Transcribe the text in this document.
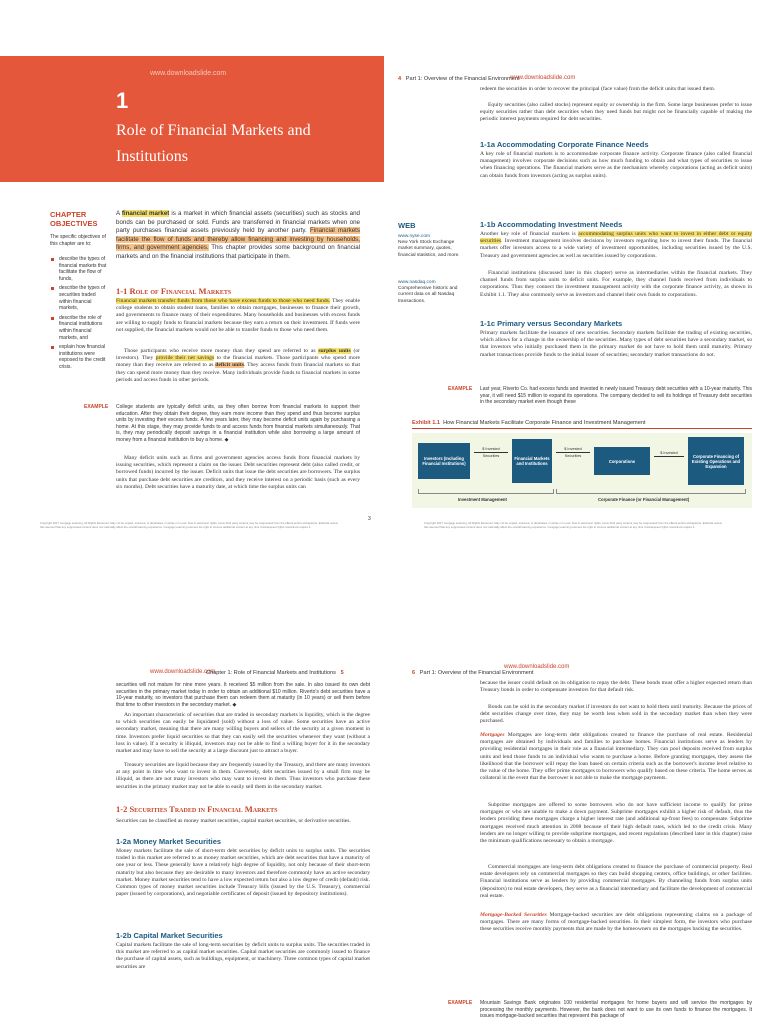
www.downloadslide.com
1
Role of Financial Markets and Institutions
CHAPTER OBJECTIVES
The specific objectives of this chapter are to:
describe the types of financial markets that facilitate the flow of funds,
describe the types of securities traded within financial markets,
describe the role of financial institutions within financial markets, and
explain how financial institutions were exposed to the credit crisis.

A financial market is a market in which financial assets (securities) such as stocks and bonds can be purchased or sold. Funds are transferred in financial markets when one party purchases financial assets previously held by another party. Financial markets facilitate the flow of funds and thereby allow financing and investing by households, firms, and government agencies. This chapter provides some background on financial markets and on the financial institutions that participate in them.

1-1 Role of Financial Markets

Financial markets transfer funds from those who have excess funds to those who need funds. They enable college students to obtain student loans, families to obtain mortgages, businesses to finance their growth, and governments to finance many of their expenditures. Many households and businesses with excess funds are willing to supply funds to financial markets because they earn a return on their investment. If funds were not supplied, the financial markets would not be able to transfer funds to those who need them.

Those participants who receive more money than they spend are referred to as surplus units (or investors). They provide their net savings to the financial markets. Those participants who spend more money than they receive are referred to as deficit units. They access funds from financial markets so that they can spend more money than they receive. Many individuals provide funds to financial markets in some periods and access funds in other periods.

EXAMPLE College students are typically deficit units, as they often borrow from financial markets to support their education. After they obtain their degree, they earn more income than they spend and thus become surplus units by investing their excess funds. A few years later, they may become deficit units again by purchasing a home. At this stage, they may provide funds to and access funds from financial markets simultaneously. That is, they may periodically deposit savings in a financial institution while also borrowing a large amount of money from a financial institution to buy a home. ◆

Many deficit units such as firms and government agencies access funds from financial markets by issuing securities, which represent a claim on the issuer. Debt securities represent debt (also called credit, or borrowed funds) incurred by the issuer. Deficit units that issue the debt securities are borrowers. The surplus units that purchase debt securities are creditors, and they receive interest on a periodic basis (such as every six months). Debt securities have a maturity date, at which time the surplus units can

Copyright 2017 Cengage Learning. All Rights Reserved. May not be copied, scanned, or duplicated, in whole or in part. Due to electronic rights, some third party content may be suppressed from the eBook and/or eChapter(s). Editorial review has deemed that any suppressed content does not materially affect the overall learning experience. Cengage Learning reserves the right to remove additional content at any time if subsequent rights restrictions require it.
3
4 Part 1: Overview of the Financial Environment
www.downloadslide.com

redeem the securities in order to recover the principal (face value) from the deficit units that issued them.

Equity securities (also called stocks) represent equity or ownership in the firm. Some large businesses prefer to issue equity securities rather than debt securities when they need funds but might not be financially capable of making the periodic interest payments required for debt securities.

1-1a Accommodating Corporate Finance Needs

A key role of financial markets is to accommodate corporate finance activity. Corporate finance (also called financial management) involves corporate decisions such as how much funding to obtain and what types of securities to issue when financing operations. The financial markets serve as the mechanism whereby corporations (acting as deficit units) can obtain funds from investors (acting as surplus units).

WEB

www.nyse.com
New York Stock Exchange market summary, quotes, financial statistics, and more.

www.nasdaq.com
Comprehensive historic and current data on all Nasdaq transactions.

1-1b Accommodating Investment Needs

Another key role of financial markets is accommodating surplus units who want to invest in either debt or equity securities. Investment management involves decisions by investors regarding how to invest their funds. The financial markets offer investors access to a wide variety of investment opportunities, including securities issued by the U.S. Treasury and government agencies as well as securities issued by corporations.

Financial institutions (discussed later in this chapter) serve as intermediaries within the financial markets. They channel funds from surplus units to deficit units. For example, they channel funds received from individuals to corporations. Thus they connect the investment management activity with the corporate finance activity, as shown in Exhibit 1.1. They also commonly serve as investors and channel their own funds to corporations.

1-1c Primary versus Secondary Markets

Primary markets facilitate the issuance of new securities. Secondary markets facilitate the trading of existing securities, which allows for a change in the ownership of the securities. Many types of debt securities have a secondary market, so that investors who initially purchased them in the primary market do not have to hold them until maturity. Primary market transactions provide funds to the initial issuer of securities; secondary market transactions do not.

EXAMPLE Last year, Riverto Co. had excess funds and invested in newly issued Treasury debt securities with a 10-year maturity. This year, it will need $15 million to expand its operations. The company decided to sell its holdings of Treasury debt securities in the secondary market even though these

Exhibit 1.1 How Financial Markets Facilitate Corporate Finance and Investment Management
Investors (Including Financial Institutions)
$ Invested
Securities	Financial Markets and Institutions
$ Invested
Securities
Corporations
$ Invested
Corporate Financing of Existing Operations and Expansion
Investment Management	Corporate Finance (or Financial Management)
Copyright 2017 Cengage Learning. All Rights Reserved. May not be copied, scanned, or duplicated, in whole or in part. Due to electronic rights, some third party content may be suppressed from the eBook and/or eChapter(s). Editorial review has deemed that any suppressed content does not materially affect the overall learning experience. Cengage Learning reserves the right to remove additional content at any time if subsequent rights restrictions require it.
www.downloadslide.com
Chapter 1: Role of Financial Markets and Institutions 5

securities will not mature for nine more years. It received $5 million from the sale. In also issued its own debt securities in the primary market today in order to obtain an additional $10 million. Riverto's debt securities have a 10-year maturity, so investors that purchase them can redeem them at maturity (in 10 years) or sell them before that time to other investors in the secondary market. ◆

An important characteristic of securities that are traded in secondary markets is liquidity, which is the degree to which securities can easily be liquidated (sold) without a loss of value. Some securities have an active secondary market, meaning that there are many willing buyers and sellers of the security at a given moment in time. Investors prefer liquid securities so that they can easily sell the securities whenever they want (without a loss in value). If a security is illiquid, investors may not be able to find a willing buyer for it in the secondary market and may have to sell the security at a large discount just to attract a buyer.

Treasury securities are liquid because they are frequently issued by the Treasury, and there are many investors at any point in time who want to invest in them. Conversely, debt securities issued by a small firm may be illiquid, as there are not many investors who may want to invest in them. Thus investors who purchase these securities in the primary market may not be able to easily sell them in the secondary market.

1-2 Securities Traded in Financial Markets

Securities can be classified as money market securities, capital market securities, or derivative securities.

1-2a Money Market Securities

Money markets facilitate the sale of short-term debt securities by deficit units to surplus units. The securities traded in this market are referred to as money market securities, which are debt securities that have a maturity of one year or less. These generally have a relatively high degree of liquidity, not only because of their short-term maturity but also because they are desirable to many investors and therefore commonly have an active secondary market. Money market securities tend to have a low expected return but also a low degree of credit (default) risk. Common types of money market securities include Treasury bills (issued by the U.S. Treasury), commercial paper (issued by corporations), and negotiable certificates of deposit (issued by depository institutions).

1-2b Capital Market Securities

Capital markets facilitate the sale of long-term securities by deficit units to surplus units. The securities traded in this market are referred to as capital market securities. Capital market securities are commonly issued to finance the purchase of capital assets, such as buildings, equipment, or machinery. Three common types of capital market securities are

6 Part 1: Overview of the Financial Environment
www.downloadslide.com

because the issuer could default on its obligation to repay the debt. These bonds must offer a higher expected return than Treasury bonds in order to compensate investors for that default risk.

Bonds can be sold in the secondary market if investors do not want to hold them until maturity. Because the prices of debt securities change over time, they may be worth less when sold in the secondary market than when they were purchased.

Mortgages Mortgages are long-term debt obligations created to finance the purchase of real estate. Residential mortgages are obtained by individuals and families to purchase homes. Financial institutions serve as lenders by providing residential mortgages in their role as a financial intermediary. They can pool deposits received from surplus units and lend those funds to an individual who wants to purchase a home. Before granting mortgages, they assess the likelihood that the borrower will repay the loan based on certain criteria such as the borrower's income level relative to the value of the home. They offer prime mortgages to borrowers who qualify based on these criteria. The home serves as collateral in the event that the borrower is not able to make the mortgage payments.

Subprime mortgages are offered to some borrowers who do not have sufficient income to qualify for prime mortgages or who are unable to make a down payment. Subprime mortgages exhibit a higher risk of default, thus the lenders providing these mortgages charge a higher interest rate (and additional up-front fees) to compensate. Subprime mortgages received much attention in 2008 because of their high default rates, which led to the credit crisis. Many lenders are no longer willing to provide subprime mortgages, and recent regulations (described later in this chapter) raise the minimum qualifications necessary to obtain a mortgage.

Commercial mortgages are long-term debt obligations created to finance the purchase of commercial property. Real estate developers rely on commercial mortgages so they can build shopping centers, office buildings, or other facilities. Financial institutions serve as lenders by providing commercial mortgages. By channeling funds from surplus units (depositors) to real estate developers, they serve as a financial intermediary and facilitate the development of commercial real estate.

Mortgage-Backed Securities Mortgage-backed securities are debt obligations representing claims on a package of mortgages. There are many forms of mortgage-backed securities. In their simplest form, the investors who purchase these securities receive monthly payments that are made by the homeowners on the mortgages backing the securities.

EXAMPLE Mountain Savings Bank originates 100 residential mortgages for home buyers and will service the mortgages by processing the monthly payments. However, the bank does not want to use its own funds to finance the mortgages. It issues mortgage-backed securities that represent this package of
